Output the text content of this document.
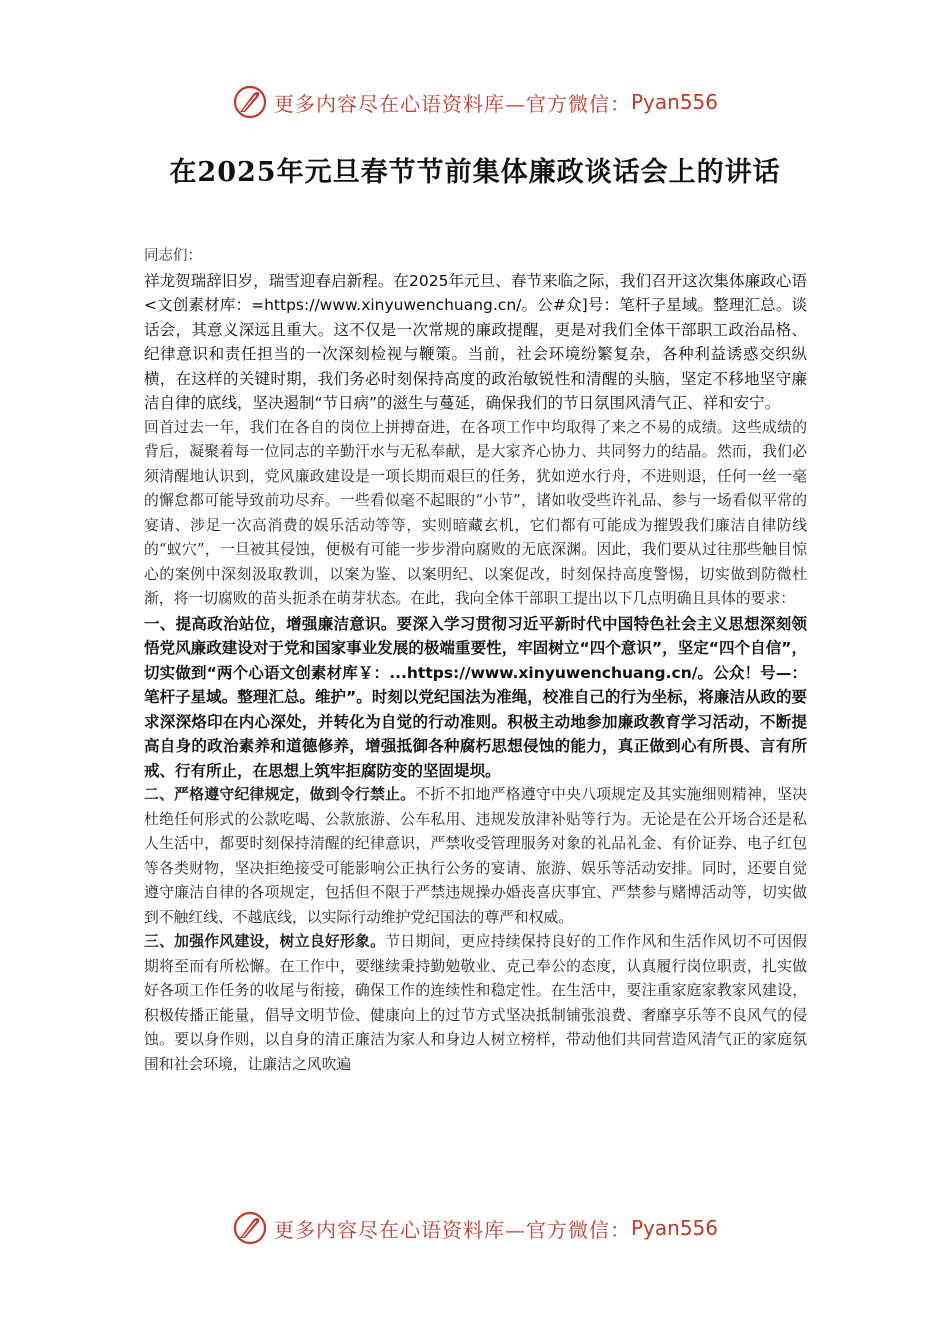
更多内容尽在心语资料库—官方微信： Pyan556
在2025年元旦春节节前集体廉政谈话会上的讲话

同志们：

祥龙贺瑞辞旧岁，瑞雪迎春启新程。在2025年元旦、春节来临之际，我们召开这次集体廉政心语<文创素材库：=https://www.xinyuwenchuang.cn/。公#众]号：笔杆子星域。整理汇总。谈话会，其意义深远且重大。这不仅是一次常规的廉政提醒，更是对我们全体干部职工政治品格、纪律意识和责任担当的一次深刻检视与鞭策。当前，社会环境纷繁复杂，各种利益诱惑交织纵横，在这样的关键时期，我们务必时刻保持高度的政治敏锐性和清醒的头脑，坚定不移地坚守廉洁自律的底线，坚决遏制“节日病”的滋生与蔓延，确保我们的节日氛围风清气正、祥和安宁。

回首过去一年，我们在各自的岗位上拼搏奋进，在各项工作中均取得了来之不易的成绩。这些成绩的背后，凝聚着每一位同志的辛勤汗水与无私奉献，是大家齐心协力、共同努力的结晶。然而，我们必须清醒地认识到，党风廉政建设是一项长期而艰巨的任务，犹如逆水行舟，不进则退，任何一丝一毫的懈怠都可能导致前功尽弃。一些看似毫不起眼的“小节”，诸如收受些许礼品、参与一场看似平常的宴请、涉足一次高消费的娱乐活动等等，实则暗藏玄机，它们都有可能成为摧毁我们廉洁自律防线的“蚁穴”，一旦被其侵蚀，便极有可能一步步滑向腐败的无底深渊。因此，我们要从过往那些触目惊心的案例中深刻汲取教训，以案为鉴、以案明纪、以案促改，时刻保持高度警惕，切实做到防微杜渐，将一切腐败的苗头扼杀在萌芽状态。在此，我向全体干部职工提出以下几点明确且具体的要求：

一、提高政治站位，增强廉洁意识。要深入学习贯彻习近平新时代中国特色社会主义思想深刻领悟党风廉政建设对于党和国家事业发展的极端重要性，牢固树立“四个意识”，坚定“四个自信”，切实做到“两个心语文创素材库￥：...https://www.xinyuwenchuang.cn/。公众！号—：笔杆子星域。整理汇总。维护”。时刻以党纪国法为准绳，校准自己的行为坐标，将廉洁从政的要求深深烙印在内心深处，并转化为自觉的行动准则。积极主动地参加廉政教育学习活动，不断提高自身的政治素养和道德修养，增强抵御各种腐朽思想侵蚀的能力，真正做到心有所畏、言有所戒、行有所止，在思想上筑牢拒腐防变的坚固堤坝。

二、严格遵守纪律规定，做到令行禁止。不折不扣地严格遵守中央八项规定及其实施细则精神，坚决杜绝任何形式的公款吃喝、公款旅游、公车私用、违规发放津补贴等行为。无论是在公开场合还是私人生活中，都要时刻保持清醒的纪律意识，严禁收受管理服务对象的礼品礼金、有价证券、电子红包等各类财物，坚决拒绝接受可能影响公正执行公务的宴请、旅游、娱乐等活动安排。同时，还要自觉遵守廉洁自律的各项规定，包括但不限于严禁违规操办婚丧喜庆事宜、严禁参与赌博活动等，切实做到不触红线、不越底线，以实际行动维护党纪国法的尊严和权威。

三、加强作风建设，树立良好形象。节日期间，更应持续保持良好的工作作风和生活作风切不可因假期将至而有所松懈。在工作中，要继续秉持勤勉敬业、克己奉公的态度，认真履行岗位职责，扎实做好各项工作任务的收尾与衔接，确保工作的连续性和稳定性。在生活中，要注重家庭家教家风建设，积极传播正能量，倡导文明节俭、健康向上的过节方式坚决抵制铺张浪费、奢靡享乐等不良风气的侵蚀。要以身作则，以自身的清正廉洁为家人和身边人树立榜样，带动他们共同营造风清气正的家庭氛围和社会环境，让廉洁之风吹遍

更多内容尽在心语资料库—官方微信： Pyan556
